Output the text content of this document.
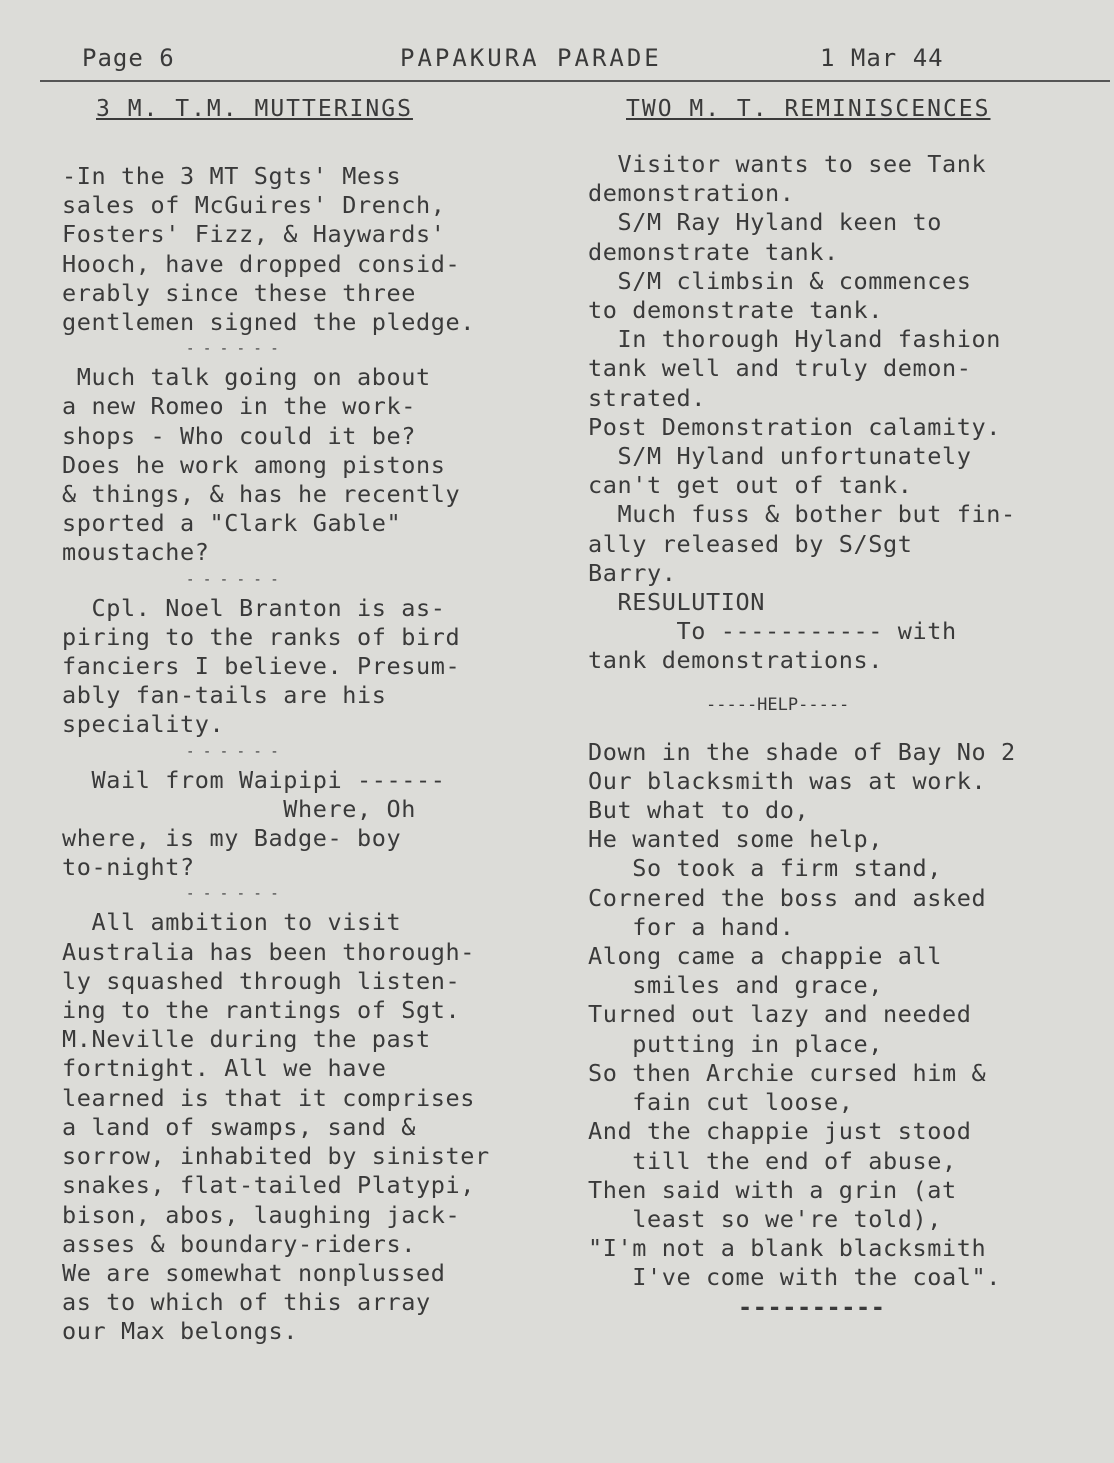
Page 6	PAPAKURA PARADE	1 Mar 44
3 M. T.M. MUTTERINGS
-In the 3 MT Sgts' Mess
sales of McGuires' Drench,
Fosters' Fizz, & Haywards'
Hooch, have dropped consid-
erably since these three
gentlemen signed the pledge.
- - - - - -
Much talk going on about
a new Romeo in the work-
shops - Who could it be?
Does he work among pistons
& things, & has he recently
sported a "Clark Gable"
moustache?
- - - - - -
Cpl. Noel Branton is as-
piring to the ranks of bird
fanciers I believe. Presum-
ably fan-tails are his
speciality.
- - - - - -
Wail from Waipipi ------
Where, Oh
where, is my Badge- boy
to-night?
- - - - - -
All ambition to visit
Australia has been thorough-
ly squashed through listen-
ing to the rantings of Sgt.
M.Neville during the past
fortnight. All we have
learned is that it comprises
a land of swamps, sand &
sorrow, inhabited by sinister
snakes, flat-tailed Platypi,
bison, abos, laughing jack-
asses & boundary-riders.
We are somewhat nonplussed
as to which of this array
our Max belongs.
TWO M. T. REMINISCENCES
Visitor wants to see Tank
demonstration.
S/M Ray Hyland keen to
demonstrate tank.
S/M climbsin & commences
to demonstrate tank.
In thorough Hyland fashion
tank well and truly demon-
strated.
Post Demonstration calamity.
S/M Hyland unfortunately
can't get out of tank.
Much fuss & bother but fin-
ally released by S/Sgt
Barry.
RESULUTION
To ----------- with
tank demonstrations.
-----HELP-----
Down in the shade of Bay No 2
Our blacksmith was at work.
But what to do,
He wanted some help,
So took a firm stand,
Cornered the boss and asked
for a hand.
Along came a chappie all
smiles and grace,
Turned out lazy and needed
putting in place,
So then Archie cursed him &
fain cut loose,
And the chappie just stood
till the end of abuse,
Then said with a grin (at
least so we're told),
"I'm not a blank blacksmith
I've come with the coal".
----------
